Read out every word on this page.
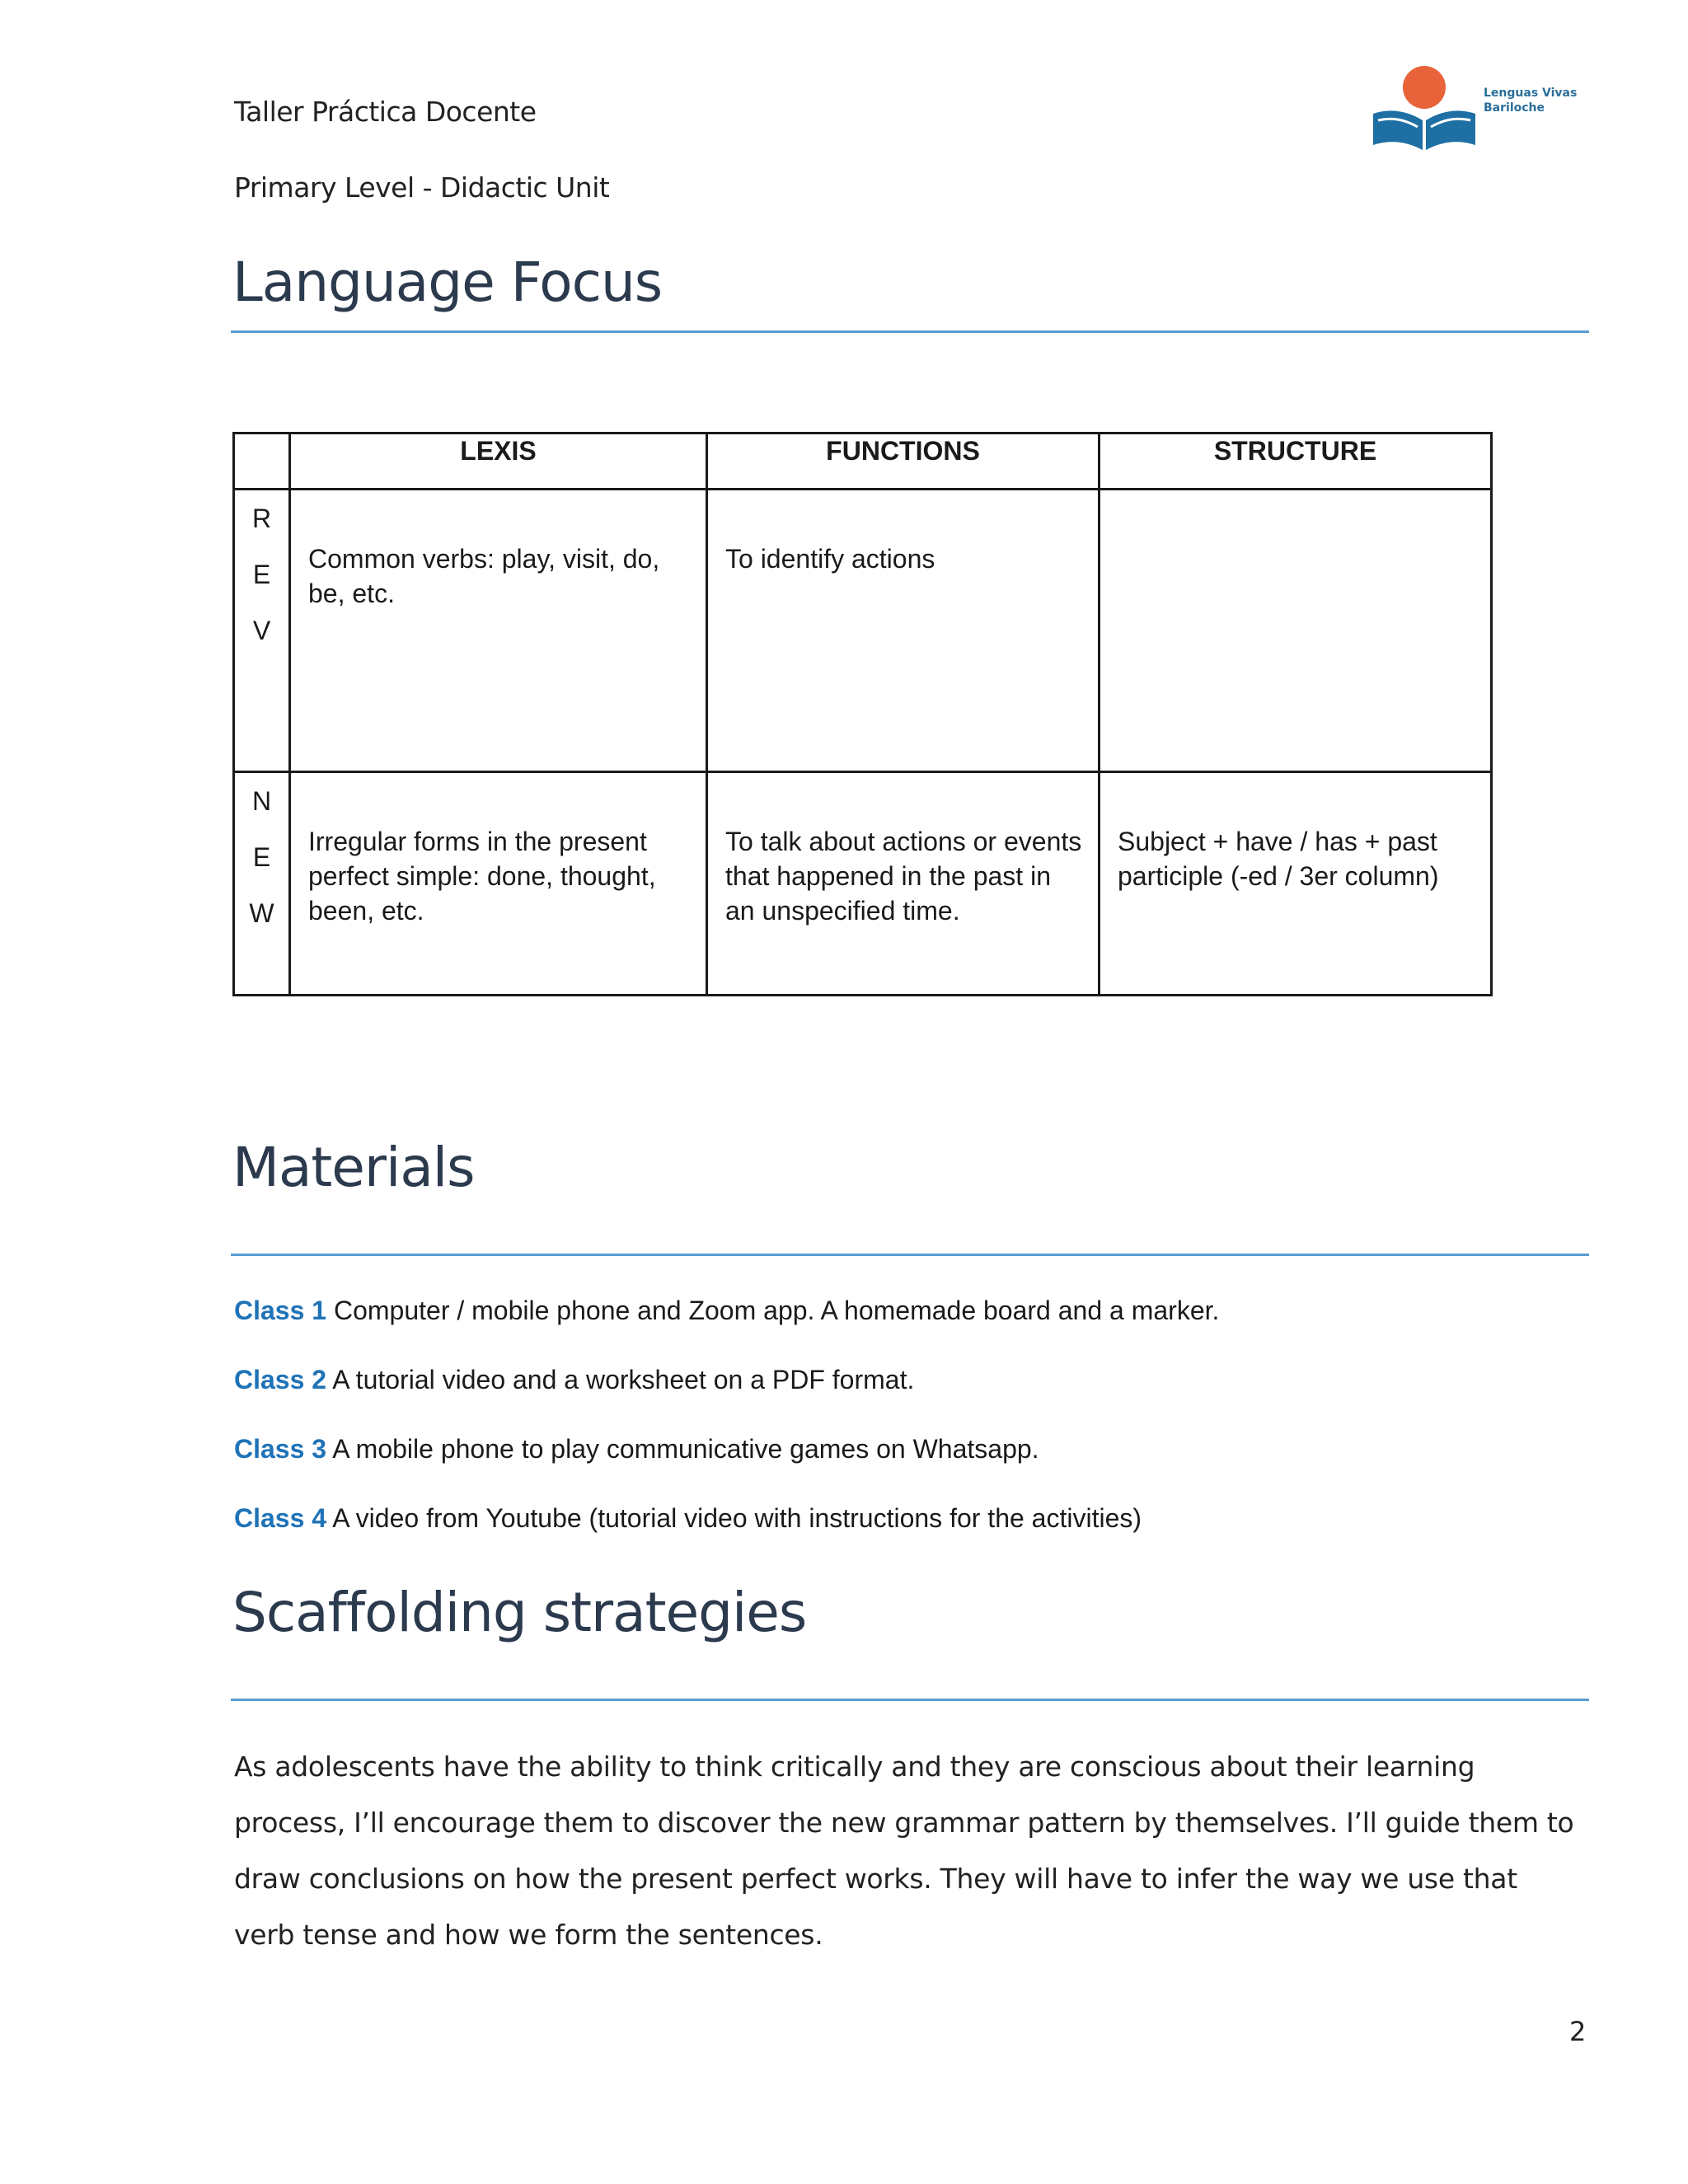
Taller Práctica Docente
Primary Level - Didactic Unit
Lenguas Vivas
Bariloche
Language Focus
	LEXIS	FUNCTIONS	STRUCTURE

R
E
V	Common verbs: play, visit, do, be, etc.	To identify actions	

N
E
W	Irregular forms in the present perfect simple: done, thought, been, etc.	To talk about actions or events that happened in the past in an unspecified time.	Subject + have / has + past participle (-ed / 3er column)
Materials
Class 1 Computer / mobile phone and Zoom app. A homemade board and a marker.
Class 2 A tutorial video and a worksheet on a PDF format.
Class 3 A mobile phone to play communicative games on Whatsapp.
Class 4 A video from Youtube (tutorial video with instructions for the activities)
Scaffolding strategies
As adolescents have the ability to think critically and they are conscious about their learning process, I’ll encourage them to discover the new grammar pattern by themselves. I’ll guide them to draw conclusions on how the present perfect works. They will have to infer the way we use that verb tense and how we form the sentences.
2
